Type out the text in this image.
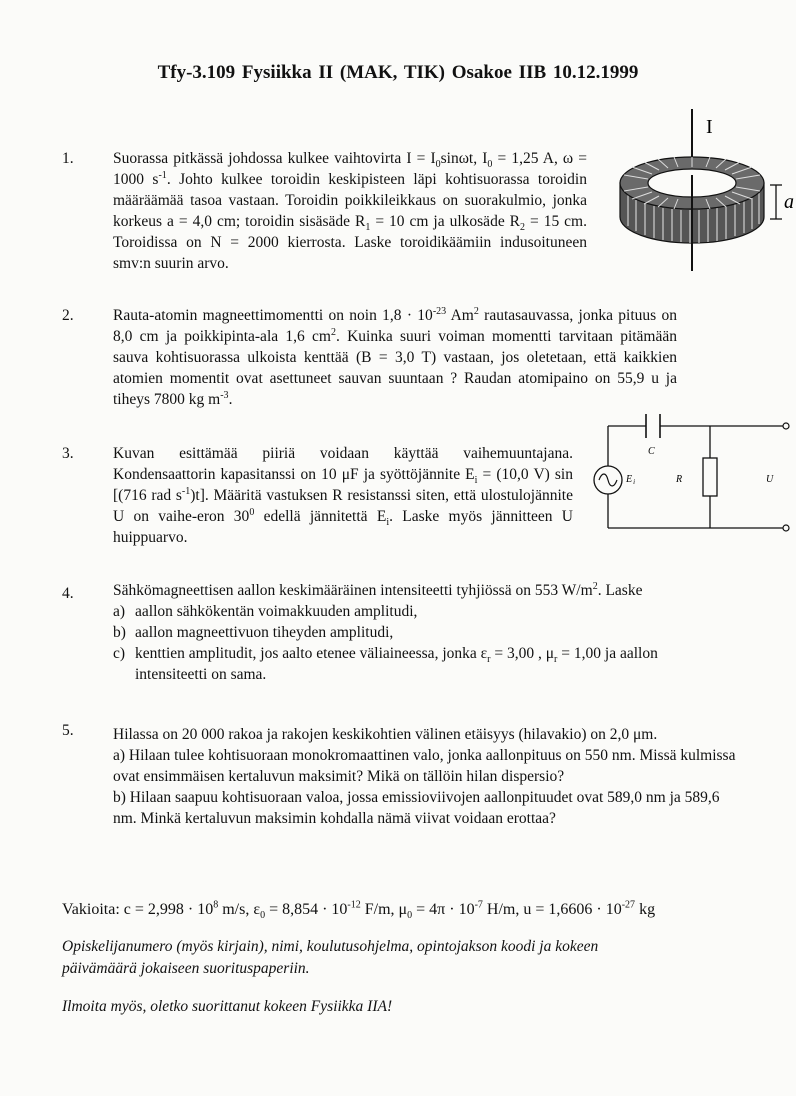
Tfy-3.109 Fysiikka II (MAK, TIK) Osakoe IIB 10.12.1999
1.	Suorassa pitkässä johdossa kulkee vaihtovirta $I = I_0\sin\omega t$, $I_0 = 1,25$ A, ω = 1000 $s^{-1}$. Johto kulkee toroidin keskipisteen läpi kohtisuorassa toroidin määräämää tasoa vastaan. Toroidin poikkileikkaus on suorakulmio, jonka korkeus a = 4,0 cm; toroidin sisäsäde $R_1 = 10$ cm ja ulkosäde $R_2 = 15$ cm. Toroidissa on N = 2000 kierrosta. Laske toroidikäämiin indusoituneen smv:n suurin arvo.

I
a
2.	Rauta-atomin magneettimomentti on noin $1,8 \cdot 10^{-23}$ Am$^2$ rautasauvassa, jonka pituus on 8,0 cm ja poikkipinta-ala 1,6 $cm^2$. Kuinka suuri voiman momentti tarvitaan pitämään sauva kohtisuorassa ulkoista kenttää (B = 3,0 T) vastaan, jos oletetaan, että kaikkien atomien momentit ovat asettuneet sauvan suuntaan ? Raudan atomipaino on 55,9 u ja tiheys 7800 kg $m^{-3}$.

3.	Kuvan esittämää piiriä voidaan käyttää vaihemuuntajana. Kondensaattorin kapasitanssi on 10 μF ja syöttöjännite $E_i = (10,0$ V) sin [(716 rad $s^{-1})t$]. Määritä vastuksen R resistanssi siten, että ulostulojännite U on vaihe-eron $30^0$ edellä jännitettä $E_i$. Laske myös jännitteen U huippuarvo.

C
$E_i$	R	U
4.	Sähkömagneettisen aallon keskimääräinen intensiteetti tyhjiössä on 553 $W/m^2$. Laske

a) aallon sähkökentän voimakkuuden amplitudi,
b) aallon magneettivuon tiheyden amplitudi,
c) kenttien amplitudit, jos aalto etenee väliaineessa, jonka $\varepsilon_r = 3,00$ , $\mu_r = 1,00$ ja aallon intensiteetti on sama.
5.	Hilassa on 20 000 rakoa ja rakojen keskikohtien välinen etäisyys (hilavakio) on 2,0 μm.

a) Hilaan tulee kohtisuoraan monokromaattinen valo, jonka aallonpituus on 550 nm. Missä kulmissa ovat ensimmäisen kertaluvun maksimit? Mikä on tällöin hilan dispersio?

b) Hilaan saapuu kohtisuoraan valoa, jossa emissioviivojen aallonpituudet ovat 589,0 nm ja 589,6 nm. Minkä kertaluvun maksimin kohdalla nämä viivat voidaan erottaa?

Vakioita: $c = 2,998 \cdot 10^8$ m/s, $\varepsilon_0 = 8,854 \cdot 10^{-12}$ F/m, $\mu_0 = 4\pi \cdot 10^{-7}$ H/m, $u = 1,6606 \cdot 10^{-27}$ kg
Opiskelijanumero (myös kirjain), nimi, koulutusohjelma, opintojakson koodi ja kokeen päivämäärä jokaiseen suorituspaperiin.
Ilmoita myös, oletko suorittanut kokeen Fysiikka IIA!
